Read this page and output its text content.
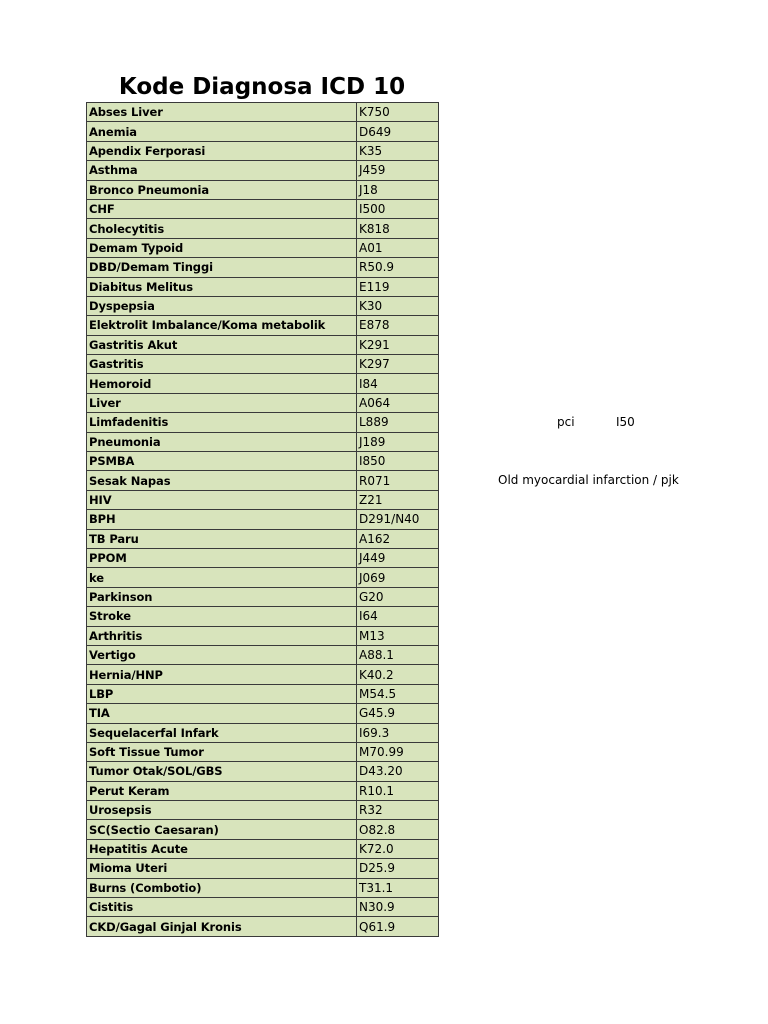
Kode Diagnosa ICD 10
Abses Liver	K750
Anemia	D649
Apendix Ferporasi	K35
Asthma	J459
Bronco Pneumonia	J18
CHF	I500
Cholecytitis	K818
Demam Typoid	A01
DBD/Demam Tinggi	R50.9
Diabitus Melitus	E119
Dyspepsia	K30
Elektrolit Imbalance/Koma metabolik	E878
Gastritis Akut	K291
Gastritis	K297
Hemoroid	I84
Liver	A064
Limfadenitis	L889
Pneumonia	J189
PSMBA	I850
Sesak Napas	R071
HIV	Z21
BPH	D291/N40
TB Paru	A162
PPOM	J449
ke	J069
Parkinson	G20
Stroke	I64
Arthritis	M13
Vertigo	A88.1
Hernia/HNP	K40.2
LBP	M54.5
TIA	G45.9
Sequelacerfal Infark	I69.3
Soft Tissue Tumor	M70.99
Tumor Otak/SOL/GBS	D43.20
Perut Keram	R10.1
Urosepsis	R32
SC(Sectio Caesaran)	O82.8
Hepatitis Acute	K72.0
Mioma Uteri	D25.9
Burns (Combotio)	T31.1
Cistitis	N30.9
CKD/Gagal Ginjal Kronis	Q61.9
pci	I50
Old myocardial infarction / pjk
